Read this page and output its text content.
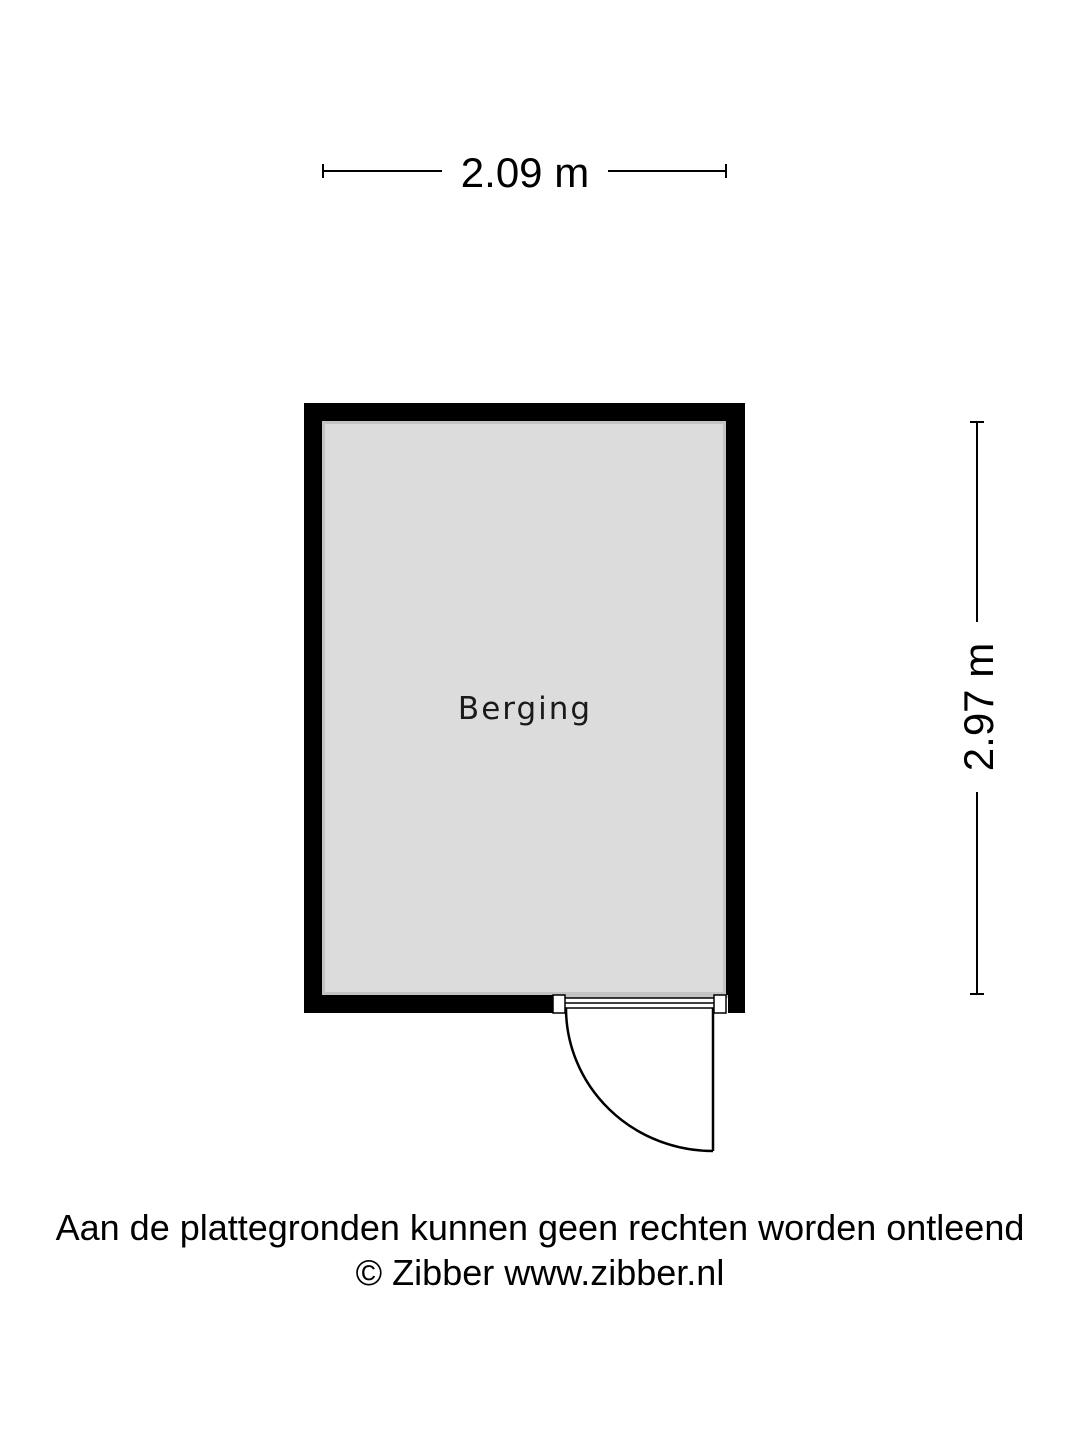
2.09 m
2.97 m
Berging
Aan de plattegronden kunnen geen rechten worden ontleend
© Zibber www.zibber.nl
